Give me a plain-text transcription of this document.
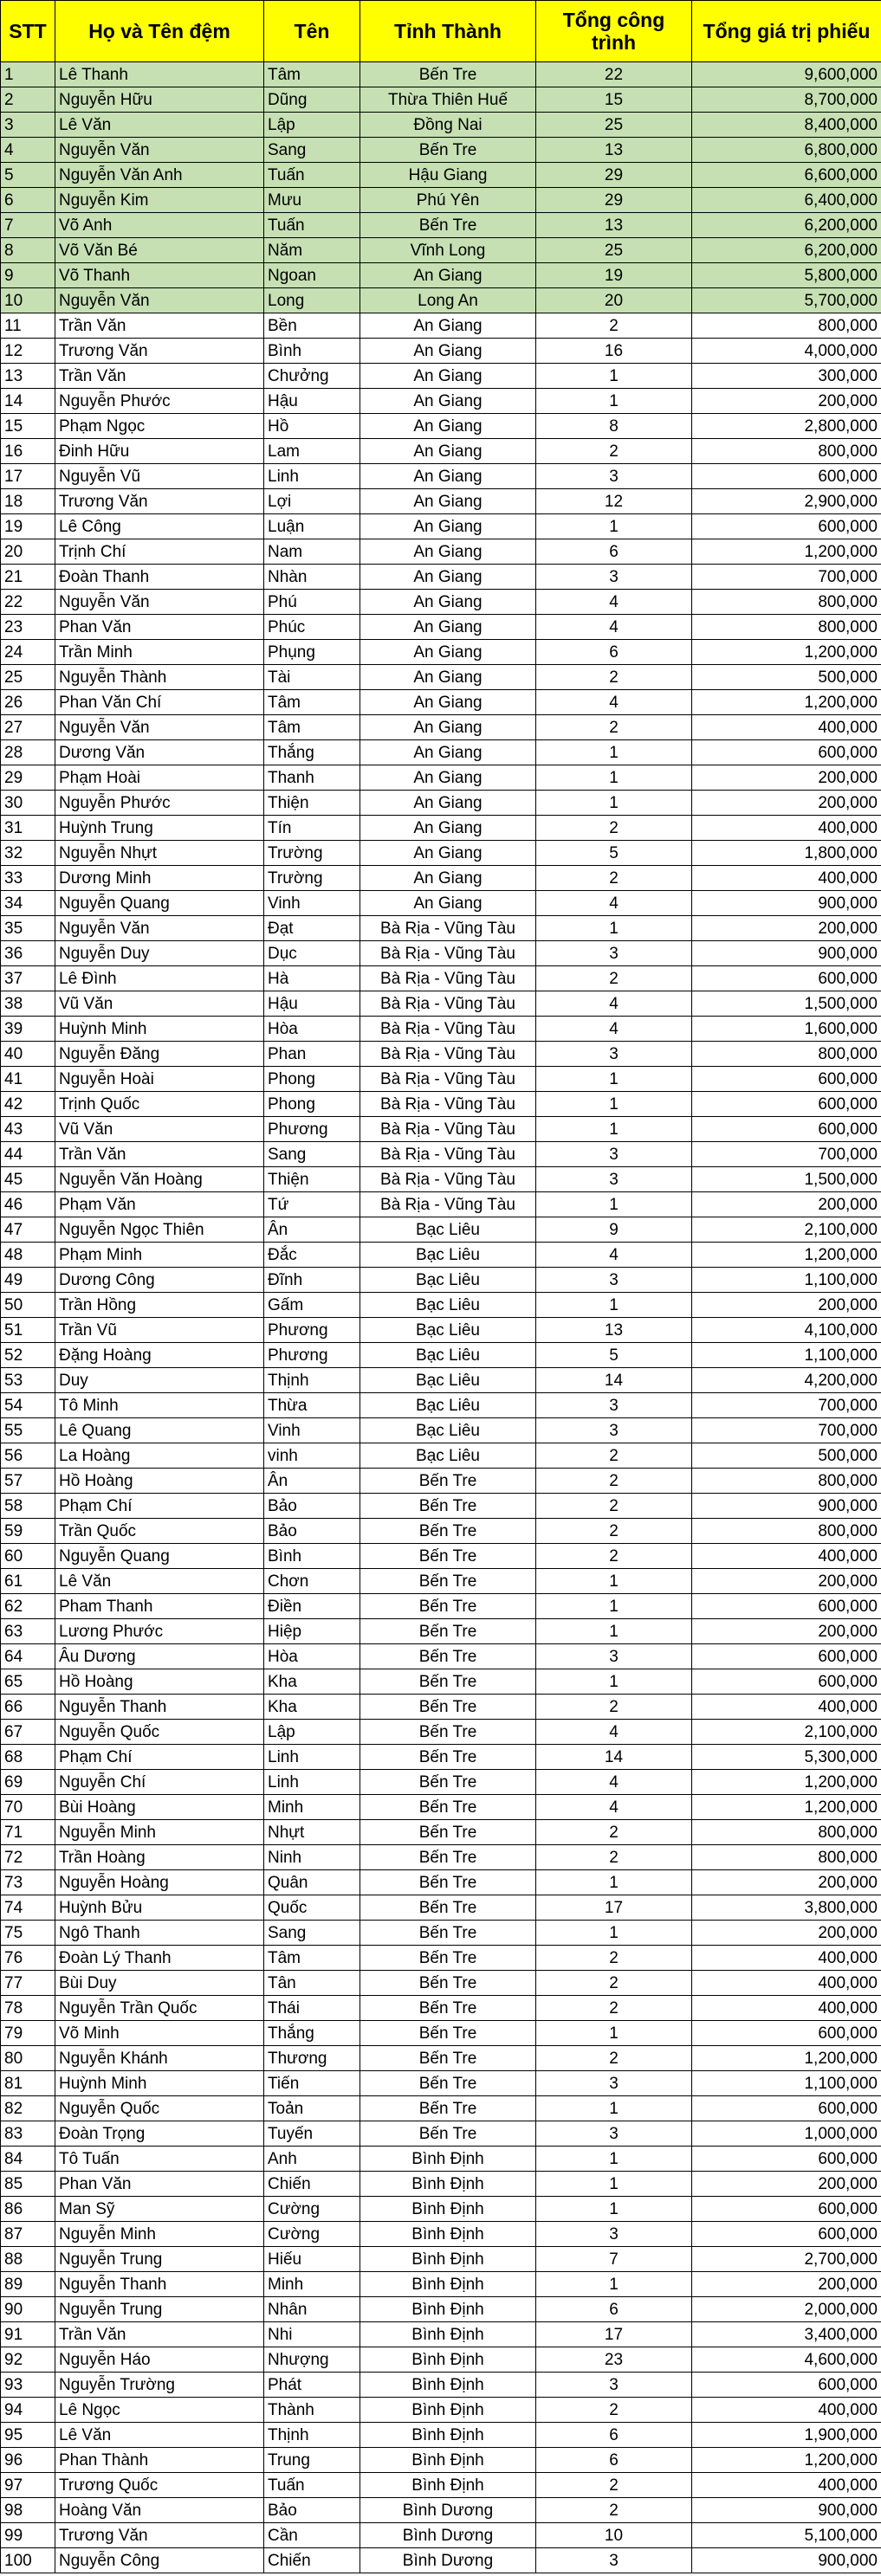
STT	Họ và Tên đệm	Tên	Tỉnh Thành	Tổng công trình	Tổng giá trị phiếu
1	Lê Thanh	Tâm	Bến Tre	22	9,600,000
2	Nguyễn Hữu	Dũng	Thừa Thiên Huế	15	8,700,000
3	Lê Văn	Lập	Đồng Nai	25	8,400,000
4	Nguyễn Văn	Sang	Bến Tre	13	6,800,000
5	Nguyễn Văn Anh	Tuấn	Hậu Giang	29	6,600,000
6	Nguyễn Kim	Mưu	Phú Yên	29	6,400,000
7	Võ Anh	Tuấn	Bến Tre	13	6,200,000
8	Võ Văn Bé	Năm	Vĩnh Long	25	6,200,000
9	Võ Thanh	Ngoan	An Giang	19	5,800,000
10	Nguyễn Văn	Long	Long An	20	5,700,000
11	Trần Văn	Bền	An Giang	2	800,000
12	Trương Văn	Bình	An Giang	16	4,000,000
13	Trần Văn	Chưởng	An Giang	1	300,000
14	Nguyễn Phước	Hậu	An Giang	1	200,000
15	Phạm Ngọc	Hồ	An Giang	8	2,800,000
16	Đinh Hữu	Lam	An Giang	2	800,000
17	Nguyễn Vũ	Linh	An Giang	3	600,000
18	Trương Văn	Lợi	An Giang	12	2,900,000
19	Lê Công	Luận	An Giang	1	600,000
20	Trịnh Chí	Nam	An Giang	6	1,200,000
21	Đoàn Thanh	Nhàn	An Giang	3	700,000
22	Nguyễn Văn	Phú	An Giang	4	800,000
23	Phan Văn	Phúc	An Giang	4	800,000
24	Trần Minh	Phụng	An Giang	6	1,200,000
25	Nguyễn Thành	Tài	An Giang	2	500,000
26	Phan Văn Chí	Tâm	An Giang	4	1,200,000
27	Nguyễn Văn	Tâm	An Giang	2	400,000
28	Dương Văn	Thắng	An Giang	1	600,000
29	Phạm Hoài	Thanh	An Giang	1	200,000
30	Nguyễn Phước	Thiện	An Giang	1	200,000
31	Huỳnh Trung	Tín	An Giang	2	400,000
32	Nguyễn Nhựt	Trường	An Giang	5	1,800,000
33	Dương Minh	Trường	An Giang	2	400,000
34	Nguyễn Quang	Vinh	An Giang	4	900,000
35	Nguyễn Văn	Đạt	Bà Rịa - Vũng Tàu	1	200,000
36	Nguyễn Duy	Dục	Bà Rịa - Vũng Tàu	3	900,000
37	Lê Đình	Hà	Bà Rịa - Vũng Tàu	2	600,000
38	Vũ Văn	Hậu	Bà Rịa - Vũng Tàu	4	1,500,000
39	Huỳnh Minh	Hòa	Bà Rịa - Vũng Tàu	4	1,600,000
40	Nguyễn Đăng	Phan	Bà Rịa - Vũng Tàu	3	800,000
41	Nguyễn Hoài	Phong	Bà Rịa - Vũng Tàu	1	600,000
42	Trịnh Quốc	Phong	Bà Rịa - Vũng Tàu	1	600,000
43	Vũ Văn	Phương	Bà Rịa - Vũng Tàu	1	600,000
44	Trần Văn	Sang	Bà Rịa - Vũng Tàu	3	700,000
45	Nguyễn Văn Hoàng	Thiện	Bà Rịa - Vũng Tàu	3	1,500,000
46	Phạm Văn	Tứ	Bà Rịa - Vũng Tàu	1	200,000
47	Nguyễn Ngọc Thiên	Ân	Bạc Liêu	9	2,100,000
48	Phạm Minh	Đắc	Bạc Liêu	4	1,200,000
49	Dương Công	Đĩnh	Bạc Liêu	3	1,100,000
50	Trần Hồng	Gấm	Bạc Liêu	1	200,000
51	Trần Vũ	Phương	Bạc Liêu	13	4,100,000
52	Đặng Hoàng	Phương	Bạc Liêu	5	1,100,000
53	Duy	Thịnh	Bạc Liêu	14	4,200,000
54	Tô Minh	Thừa	Bạc Liêu	3	700,000
55	Lê Quang	Vinh	Bạc Liêu	3	700,000
56	La Hoàng	vinh	Bạc Liêu	2	500,000
57	Hồ Hoàng	Ân	Bến Tre	2	800,000
58	Phạm Chí	Bảo	Bến Tre	2	900,000
59	Trần Quốc	Bảo	Bến Tre	2	800,000
60	Nguyễn Quang	Bình	Bến Tre	2	400,000
61	Lê Văn	Chơn	Bến Tre	1	200,000
62	Pham Thanh	Điền	Bến Tre	1	600,000
63	Lương Phước	Hiệp	Bến Tre	1	200,000
64	Âu Dương	Hòa	Bến Tre	3	600,000
65	Hồ Hoàng	Kha	Bến Tre	1	600,000
66	Nguyễn Thanh	Kha	Bến Tre	2	400,000
67	Nguyễn Quốc	Lập	Bến Tre	4	2,100,000
68	Phạm Chí	Linh	Bến Tre	14	5,300,000
69	Nguyễn Chí	Linh	Bến Tre	4	1,200,000
70	Bùi Hoàng	Minh	Bến Tre	4	1,200,000
71	Nguyễn Minh	Nhựt	Bến Tre	2	800,000
72	Trần Hoàng	Ninh	Bến Tre	2	800,000
73	Nguyễn Hoàng	Quân	Bến Tre	1	200,000
74	Huỳnh Bửu	Quốc	Bến Tre	17	3,800,000
75	Ngô Thanh	Sang	Bến Tre	1	200,000
76	Đoàn Lý Thanh	Tâm	Bến Tre	2	400,000
77	Bùi Duy	Tân	Bến Tre	2	400,000
78	Nguyễn Trần Quốc	Thái	Bến Tre	2	400,000
79	Võ Minh	Thắng	Bến Tre	1	600,000
80	Nguyễn Khánh	Thương	Bến Tre	2	1,200,000
81	Huỳnh Minh	Tiến	Bến Tre	3	1,100,000
82	Nguyễn Quốc	Toản	Bến Tre	1	600,000
83	Đoàn Trọng	Tuyến	Bến Tre	3	1,000,000
84	Tô Tuấn	Anh	Bình Định	1	600,000
85	Phan Văn	Chiến	Bình Định	1	200,000
86	Man Sỹ	Cường	Bình Định	1	600,000
87	Nguyễn Minh	Cường	Bình Định	3	600,000
88	Nguyễn Trung	Hiếu	Bình Định	7	2,700,000
89	Nguyễn Thanh	Minh	Bình Định	1	200,000
90	Nguyễn Trung	Nhân	Bình Định	6	2,000,000
91	Trần Văn	Nhi	Bình Định	17	3,400,000
92	Nguyễn Háo	Nhượng	Bình Định	23	4,600,000
93	Nguyễn Trường	Phát	Bình Định	3	600,000
94	Lê Ngọc	Thành	Bình Định	2	400,000
95	Lê Văn	Thịnh	Bình Định	6	1,900,000
96	Phan Thành	Trung	Bình Định	6	1,200,000
97	Trương Quốc	Tuấn	Bình Định	2	400,000
98	Hoàng Văn	Bảo	Bình Dương	2	900,000
99	Trương Văn	Cần	Bình Dương	10	5,100,000
100	Nguyễn Công	Chiến	Bình Dương	3	900,000
